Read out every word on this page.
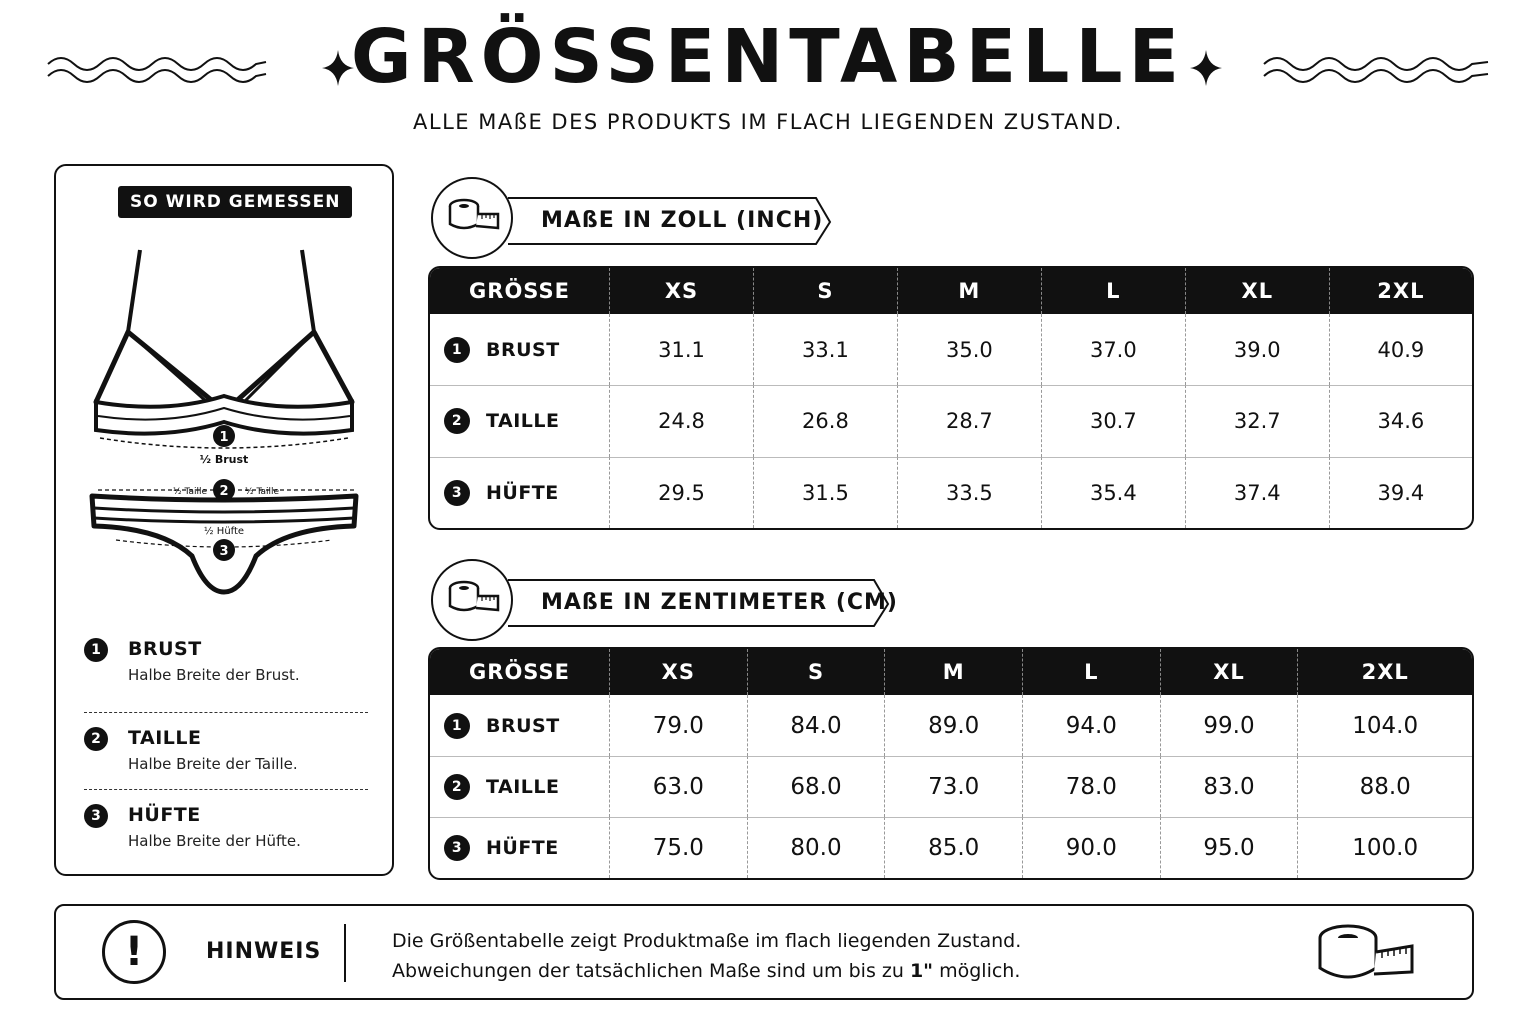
GRÖSSENTABELLE
ALLE MAßE DES PRODUKTS IM FLACH LIEGENDEN ZUSTAND.
SO WIRD GEMESSEN
1
½ Brust
2
½ Taille	½ Taille
½ Hüfte
3
1	BRUST
Halbe Breite der Brust.
2	TAILLE
Halbe Breite der Taille.
3	HÜFTE
Halbe Breite der Hüfte.
MAßE IN ZOLL (INCH)
GRÖSSE	XS	S	M	L	XL	2XL
1 BRUST	31.1	33.1	35.0	37.0	39.0	40.9
2 TAILLE	24.8	26.8	28.7	30.7	32.7	34.6
3 HÜFTE	29.5	31.5	33.5	35.4	37.4	39.4
MAßE IN ZENTIMETER (CM)
GRÖSSE	XS	S	M	L	XL	2XL
1 BRUST	79.0	84.0	89.0	94.0	99.0	104.0
2 TAILLE	63.0	68.0	73.0	78.0	83.0	88.0
3 HÜFTE	75.0	80.0	85.0	90.0	95.0	100.0
!	HINWEIS	Die Größentabelle zeigt Produktmaße im flach liegenden Zustand.
Abweichungen der tatsächlichen Maße sind um bis zu 1" möglich.
